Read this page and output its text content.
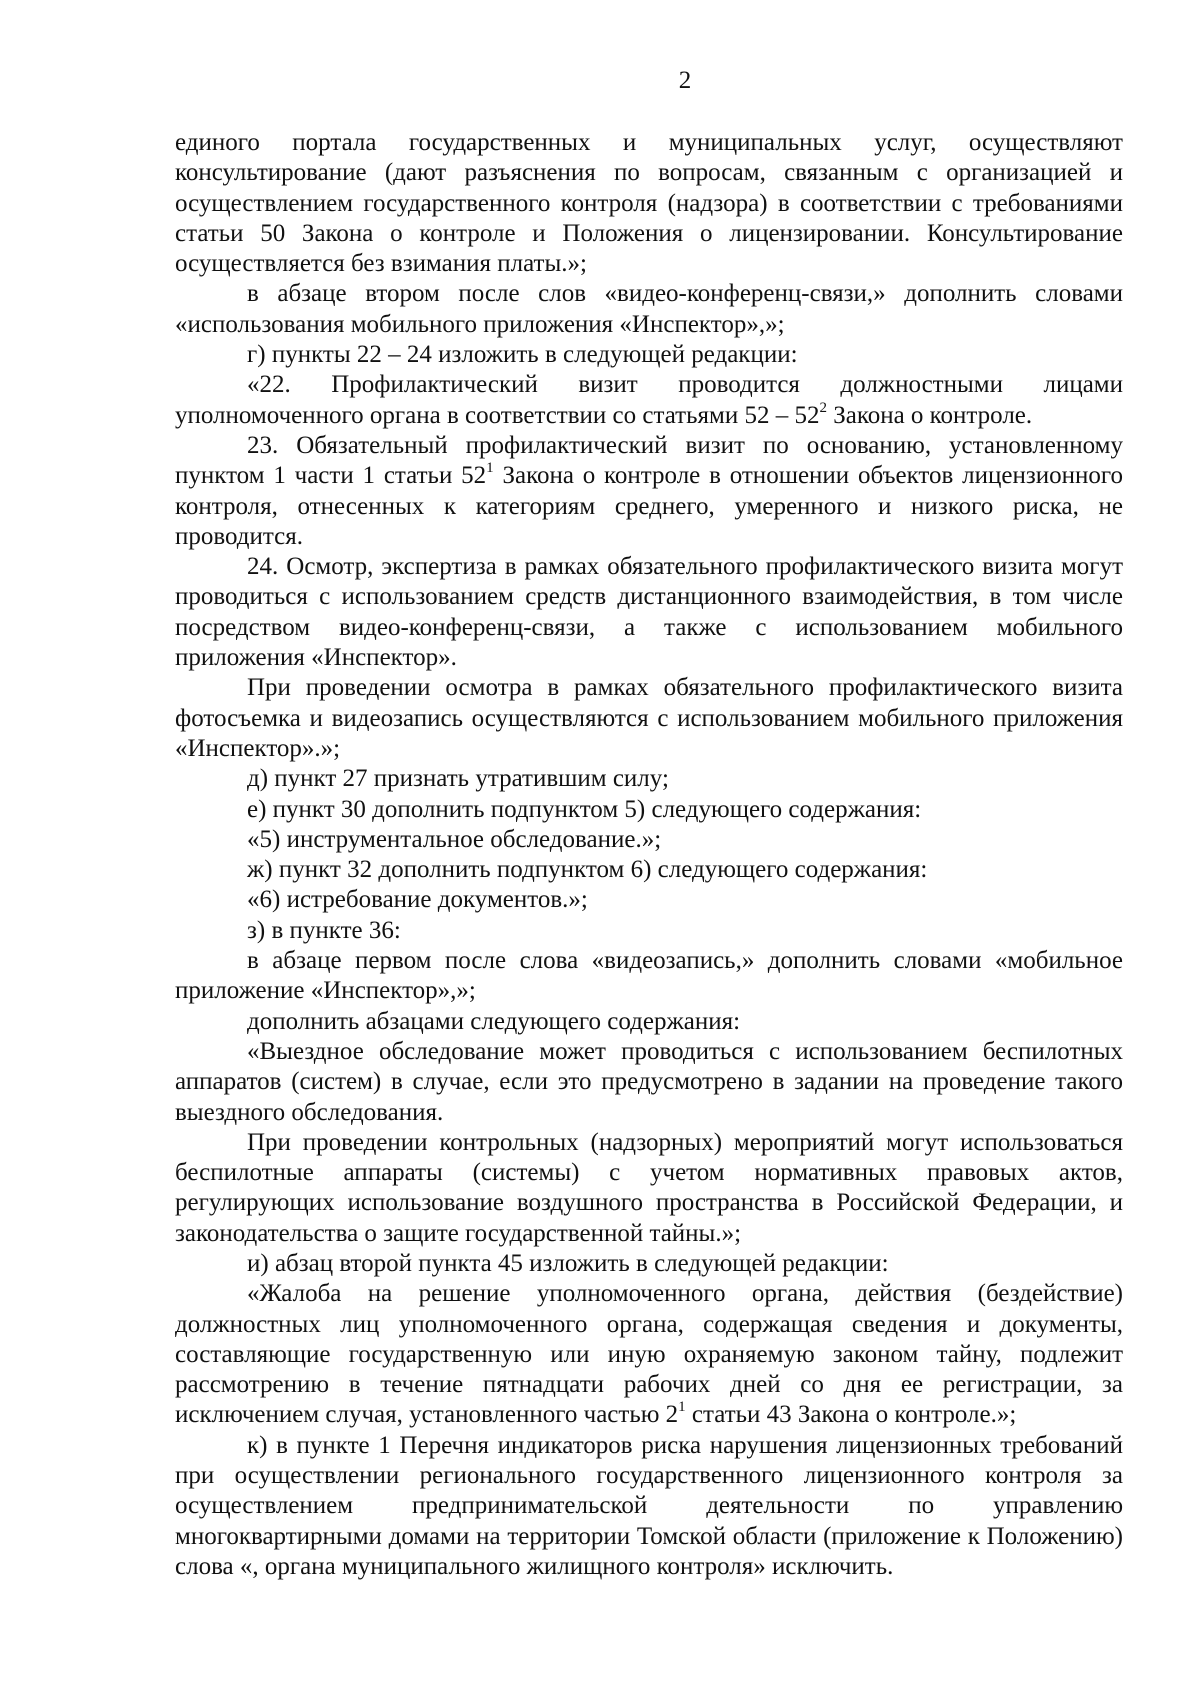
2

единого портала государственных и муниципальных услуг, осуществляют консультирование (дают разъяснения по вопросам, связанным с организацией и осуществлением государственного контроля (надзора) в соответствии с требованиями статьи 50 Закона о контроле и Положения о лицензировании. Консультирование осуществляется без взимания платы.»;

в абзаце втором после слов «видео-конференц-связи,» дополнить словами «использования мобильного приложения «Инспектор»,»;

г) пункты 22 – 24 изложить в следующей редакции:

«22. Профилактический визит проводится должностными лицами уполномоченного органа в соответствии со статьями $52 - 52^2$ Закона о контроле.

23. Обязательный профилактический визит по основанию, установленному пунктом 1 части 1 статьи $52^1$ Закона о контроле в отношении объектов лицензионного контроля, отнесенных к категориям среднего, умеренного и низкого риска, не проводится.

24. Осмотр, экспертиза в рамках обязательного профилактического визита могут проводиться с использованием средств дистанционного взаимодействия, в том числе посредством видео-конференц-связи, а также с использованием мобильного приложения «Инспектор».

При проведении осмотра в рамках обязательного профилактического визита фотосъемка и видеозапись осуществляются с использованием мобильного приложения «Инспектор».»;

д) пункт 27 признать утратившим силу;

е) пункт 30 дополнить подпунктом 5) следующего содержания:

«5) инструментальное обследование.»;

ж) пункт 32 дополнить подпунктом 6) следующего содержания:

«6) истребование документов.»;

з) в пункте 36:

в абзаце первом после слова «видеозапись,» дополнить словами «мобильное приложение «Инспектор»,»;

дополнить абзацами следующего содержания:

«Выездное обследование может проводиться с использованием беспилотных аппаратов (систем) в случае, если это предусмотрено в задании на проведение такого выездного обследования.

При проведении контрольных (надзорных) мероприятий могут использоваться беспилотные аппараты (системы) с учетом нормативных правовых актов, регулирующих использование воздушного пространства в Российской Федерации, и законодательства о защите государственной тайны.»;

и) абзац второй пункта 45 изложить в следующей редакции:

«Жалоба на решение уполномоченного органа, действия (бездействие) должностных лиц уполномоченного органа, содержащая сведения и документы, составляющие государственную или иную охраняемую законом тайну, подлежит рассмотрению в течение пятнадцати рабочих дней со дня ее регистрации, за исключением случая, установленного частью $2^1$ статьи 43 Закона о контроле.»;

к) в пункте 1 Перечня индикаторов риска нарушения лицензионных требований при осуществлении регионального государственного лицензионного контроля за осуществлением предпринимательской деятельности по управлению многоквартирными домами на территории Томской области (приложение к Положению) слова «, органа муниципального жилищного контроля» исключить.
